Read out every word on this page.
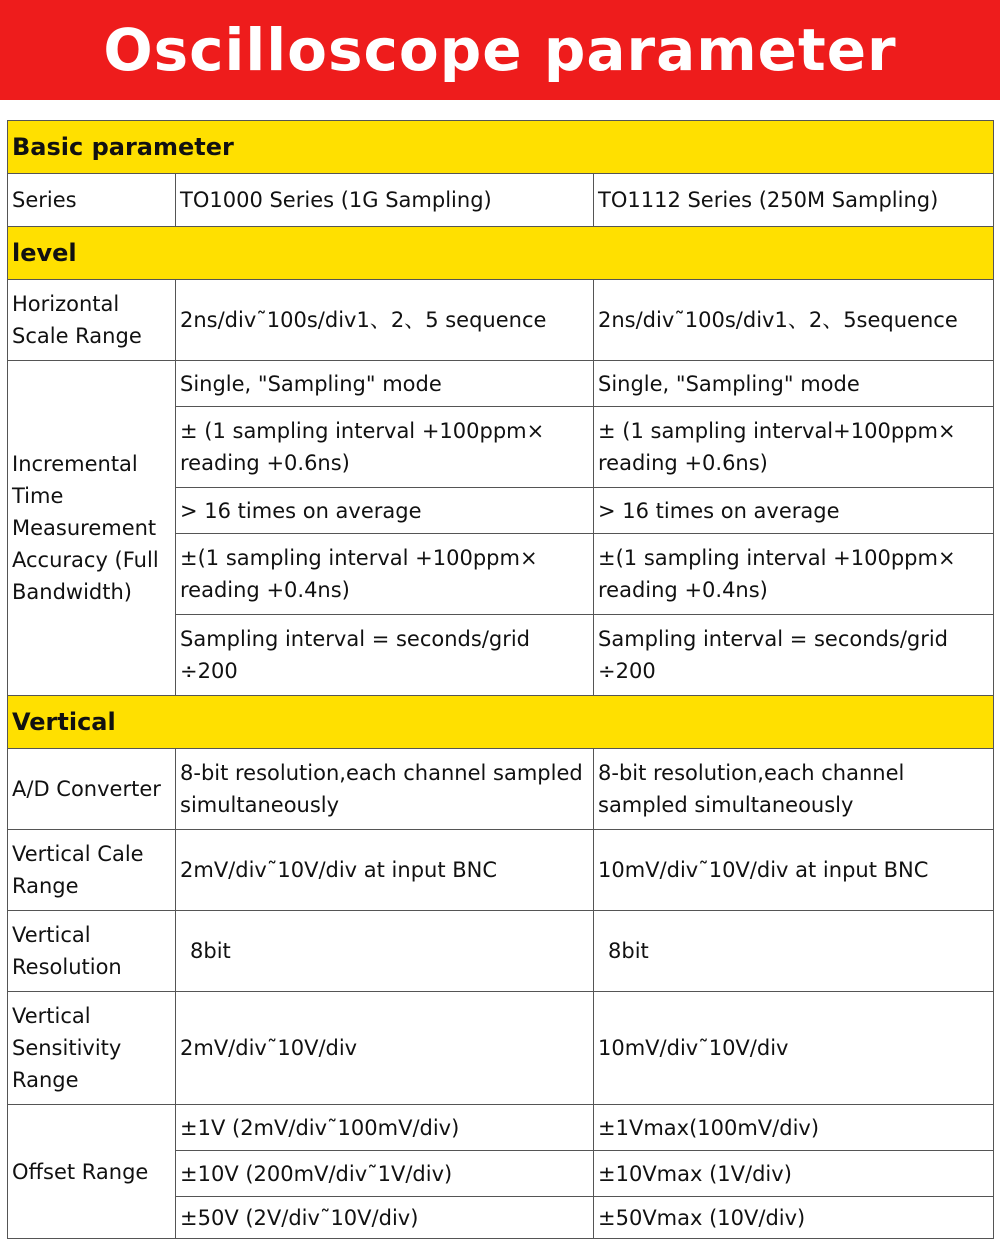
Oscilloscope parameter
Basic parameter		
Series	TO1000 Series (1G Sampling)	TO1112 Series (250M Sampling)
level		
Horizontal Scale Range	2ns/div˜100s/div1、2、5 sequence	2ns/div˜100s/div1、2、5sequence
Incremental Time Measurement Accuracy (Full Bandwidth)	Single, "Sampling" mode	Single, "Sampling" mode
	± (1 sampling interval +100ppm× reading +0.6ns)	± (1 sampling interval+100ppm× reading +0.6ns)
	> 16 times on average	> 16 times on average
	±(1 sampling interval +100ppm× reading +0.4ns)	±(1 sampling interval +100ppm× reading +0.4ns)
	Sampling interval = seconds/grid ÷200	Sampling interval = seconds/grid ÷200
Vertical		
A/D Converter	8-bit resolution,each channel sampled simultaneously	8-bit resolution,each channel sampled simultaneously
Vertical Cale Range	2mV/div˜10V/div at input BNC	10mV/div˜10V/div at input BNC
Vertical Resolution	8bit	8bit
Vertical Sensitivity Range	2mV/div˜10V/div	10mV/div˜10V/div
Offset Range	±1V (2mV/div˜100mV/div)	±1Vmax(100mV/div)
	±10V (200mV/div˜1V/div)	±10Vmax (1V/div)
	±50V (2V/div˜10V/div)	±50Vmax (10V/div)
